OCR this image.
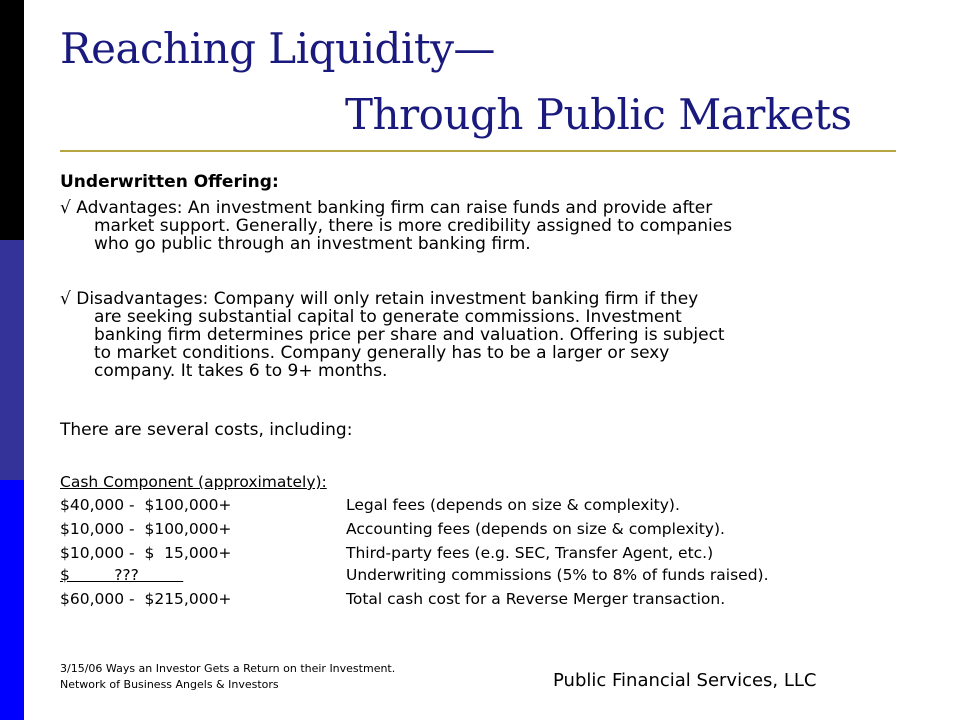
Reaching Liquidity—
Through Public Markets
Underwritten Offering:
√ Advantages: An investment banking firm can raise funds and provide after
market support. Generally, there is more credibility assigned to companies
who go public through an investment banking firm.
√ Disadvantages: Company will only retain investment banking firm if they
are seeking substantial capital to generate commissions. Investment
banking firm determines price per share and valuation. Offering is subject
to market conditions. Company generally has to be a larger or sexy
company. It takes 6 to 9+ months.
There are several costs, including:
Cash Component (approximately):
$40,000 -  $100,000+	Legal fees (depends on size & complexity).
$10,000 -  $100,000+	Accounting fees (depends on size & complexity).
$10,000 -  $  15,000+	Third-party fees (e.g. SEC, Transfer Agent, etc.)
$         ???	Underwriting commissions (5% to 8% of funds raised).
$60,000 -  $215,000+	Total cash cost for a Reverse Merger transaction.
3/15/06 Ways an Investor Gets a Return on their Investment.
Network of Business Angels & Investors	Public Financial Services, LLC
